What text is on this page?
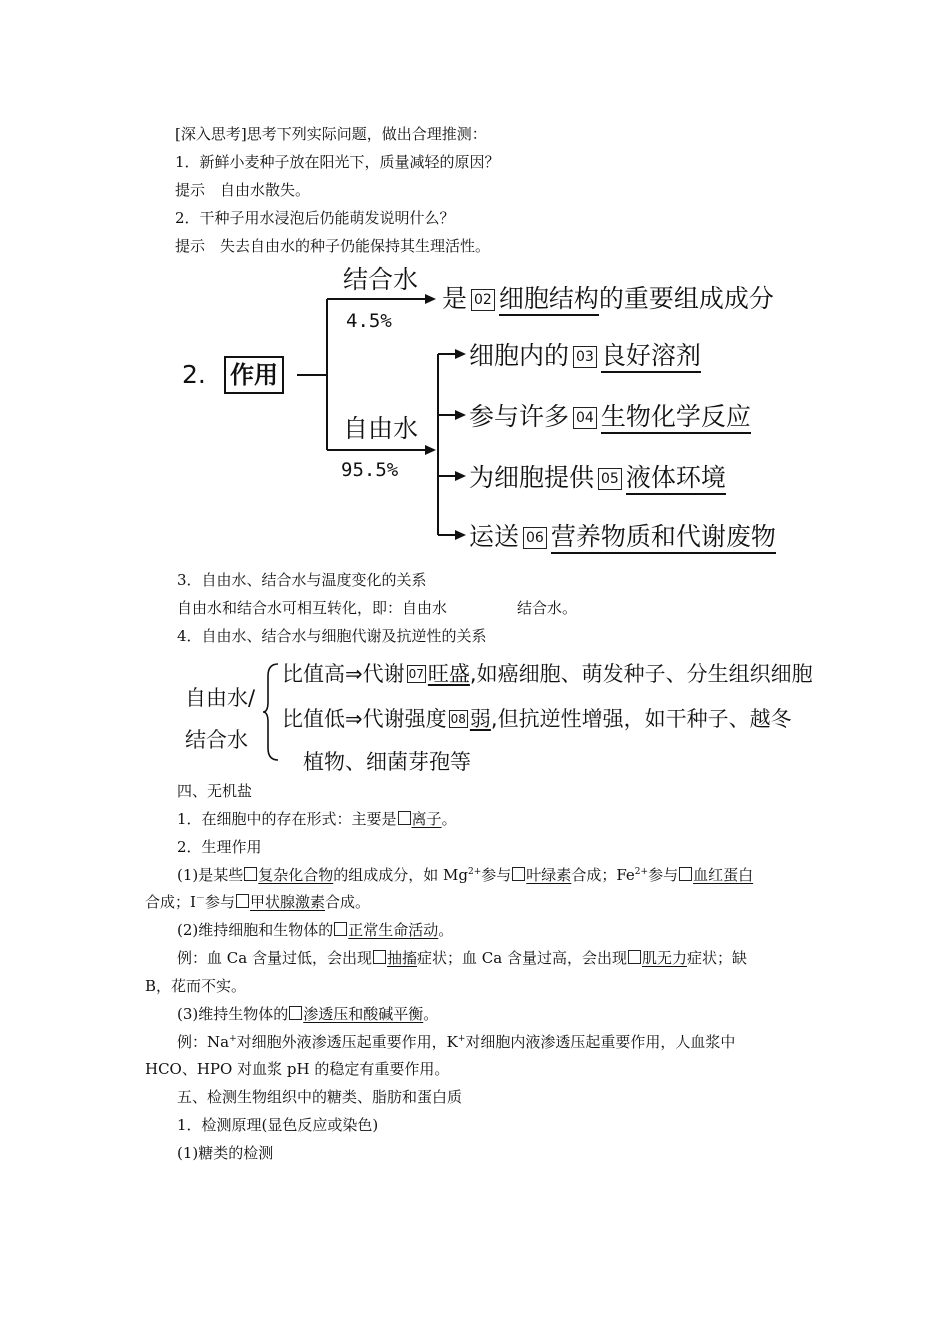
[深入思考]思考下列实际问题，做出合理推测：
1．新鲜小麦种子放在阳光下，质量减轻的原因？
提示　自由水散失。
2．干种子用水浸泡后仍能萌发说明什么？
提示　失去自由水的种子仍能保持其生理活性。
2. 作用
结合水
4.5%
自由水
95.5%
是 02 细胞结构的重要组成成分
细胞内的 03 良好溶剂
参与许多 04 生物化学反应
为细胞提供 05 液体环境
运送 06 营养物质和代谢废物
3．自由水、结合水与温度变化的关系
自由水和结合水可相互转化，即：自由水	结合水。
4．自由水、结合水与细胞代谢及抗逆性的关系
自由水/
结合水
比值高⇒代谢 07 旺盛,如癌细胞、萌发种子、分生组织细胞
比值低⇒代谢强度 08 弱,但抗逆性增强，如干种子、越冬
植物、细菌芽孢等
四、无机盐
1．在细胞中的存在形式：主要是 离子。
2．生理作用
(1)是某些 复杂化合物的组成成分，如 $Mg^{2+}$参与 叶绿素合成；$Fe^{2+}$参与 血红蛋白
合成；I－参与 甲状腺激素合成。
(2)维持细胞和生物体的 正常生命活动。
例：血 Ca 含量过低，会出现 抽搐症状；血 Ca 含量过高，会出现 肌无力症状；缺
B，花而不实。
(3)维持生物体的 渗透压和酸碱平衡。
例：Na+对细胞外液渗透压起重要作用，K+对细胞内液渗透压起重要作用，人血浆中
HCO、HPO 对血浆 pH 的稳定有重要作用。
五、检测生物组织中的糖类、脂肪和蛋白质
1．检测原理(显色反应或染色)
(1)糖类的检测
